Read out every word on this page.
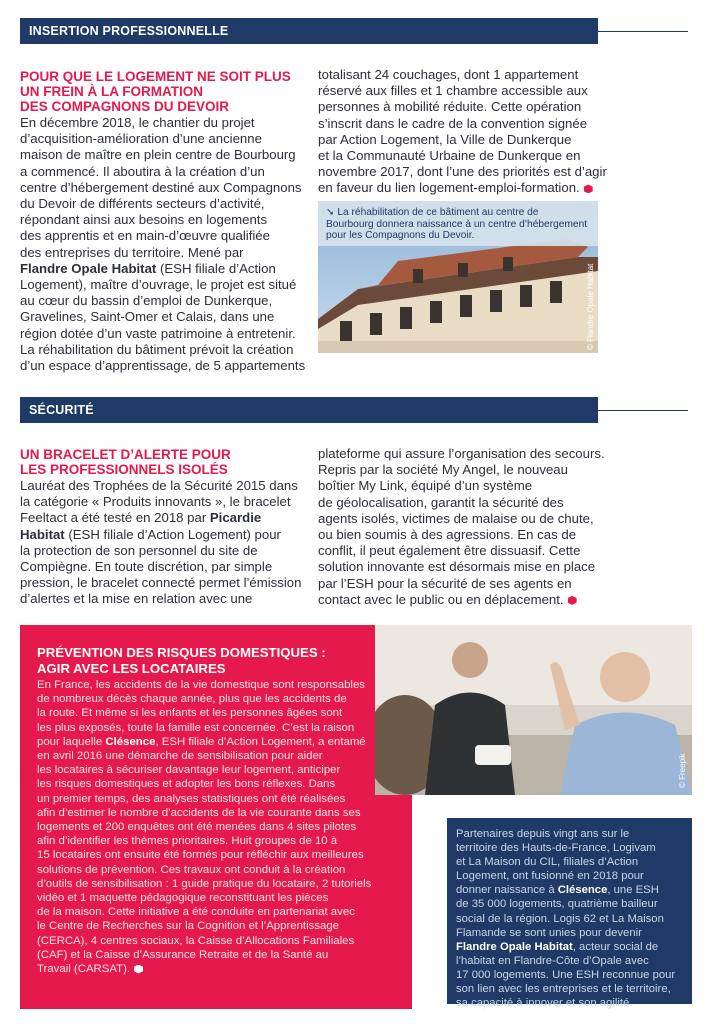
INSERTION PROFESSIONNELLE
POUR QUE LE LOGEMENT NE SOIT PLUS
UN FREIN À LA FORMATION
DES COMPAGNONS DU DEVOIR
En décembre 2018, le chantier du projet
d’acquisition-amélioration d’une ancienne
maison de maître en plein centre de Bourbourg
a commencé. Il aboutira à la création d’un
centre d’hébergement destiné aux Compagnons
du Devoir de différents secteurs d’activité,
répondant ainsi aux besoins en logements
des apprentis et en main-d’œuvre qualifiée
des entreprises du territoire. Mené par
Flandre Opale Habitat (ESH filiale d’Action
Logement), maître d’ouvrage, le projet est situé
au cœur du bassin d’emploi de Dunkerque,
Gravelines, Saint-Omer et Calais, dans une
région dotée d’un vaste patrimoine à entretenir.
La réhabilitation du bâtiment prévoit la création
d’un espace d’apprentissage, de 5 appartements
totalisant 24 couchages, dont 1 appartement
réservé aux filles et 1 chambre accessible aux
personnes à mobilité réduite. Cette opération
s’inscrit dans le cadre de la convention signée
par Action Logement, la Ville de Dunkerque
et la Communauté Urbaine de Dunkerque en
novembre 2017, dont l’une des priorités est d’agir
en faveur du lien logement-emploi-formation.
➘ La réhabilitation de ce bâtiment au centre de
Bourbourg donnera naissance à un centre d’hébergement
pour les Compagnons du Devoir.
© Flandre Opale Habitat
SÉCURITÉ
UN BRACELET D’ALERTE POUR
LES PROFESSIONNELS ISOLÉS
Lauréat des Trophées de la Sécurité 2015 dans
la catégorie « Produits innovants », le bracelet
Feeltact a été testé en 2018 par Picardie
Habitat (ESH filiale d’Action Logement) pour
la protection de son personnel du site de
Compiègne. En toute discrétion, par simple
pression, le bracelet connecté permet l’émission
d’alertes et la mise en relation avec une
plateforme qui assure l’organisation des secours.
Repris par la société My Angel, le nouveau
boîtier My Link, équipé d’un système
de géolocalisation, garantit la sécurité des
agents isolés, victimes de malaise ou de chute,
ou bien soumis à des agressions. En cas de
conflit, il peut également être dissuasif. Cette
solution innovante est désormais mise en place
par l’ESH pour la sécurité de ses agents en
contact avec le public ou en déplacement.
© Freepik
PRÉVENTION DES RISQUES DOMESTIQUES :
AGIR AVEC LES LOCATAIRES
En France, les accidents de la vie domestique sont responsables
de nombreux décès chaque année, plus que les accidents de
la route. Et même si les enfants et les personnes âgées sont
les plus exposés, toute la famille est concernée. C’est la raison
pour laquelle Clésence, ESH filiale d’Action Logement, a entamé
en avril 2016 une démarche de sensibilisation pour aider
les locataires à sécuriser davantage leur logement, anticiper
les risques domestiques et adopter les bons réflexes. Dans
un premier temps, des analyses statistiques ont été réalisées
afin d’estimer le nombre d’accidents de la vie courante dans ses
logements et 200 enquêtes ont été menées dans 4 sites pilotes
afin d’identifier les thèmes prioritaires. Huit groupes de 10 à
15 locataires ont ensuite été formés pour réfléchir aux meilleures
solutions de prévention. Ces travaux ont conduit à la création
d’outils de sensibilisation : 1 guide pratique du locataire, 2 tutoriels
vidéo et 1 maquette pédagogique reconstituant les pièces
de la maison. Cette initiative a été conduite en partenariat avec
le Centre de Recherches sur la Cognition et l’Apprentissage
(CERCA), 4 centres sociaux, la Caisse d’Allocations Familiales
(CAF) et la Caisse d’Assurance Retraite et de la Santé au
Travail (CARSAT).
Partenaires depuis vingt ans sur le
territoire des Hauts-de-France, Logivam
et La Maison du CIL, filiales d’Action
Logement, ont fusionné en 2018 pour
donner naissance à Clésence, une ESH
de 35 000 logements, quatrième bailleur
social de la région. Logis 62 et La Maison
Flamande se sont unies pour devenir
Flandre Opale Habitat, acteur social de
l’habitat en Flandre-Côte d’Opale avec
17 000 logements. Une ESH reconnue pour
son lien avec les entreprises et le territoire,
sa capacité à innover et son agilité.
